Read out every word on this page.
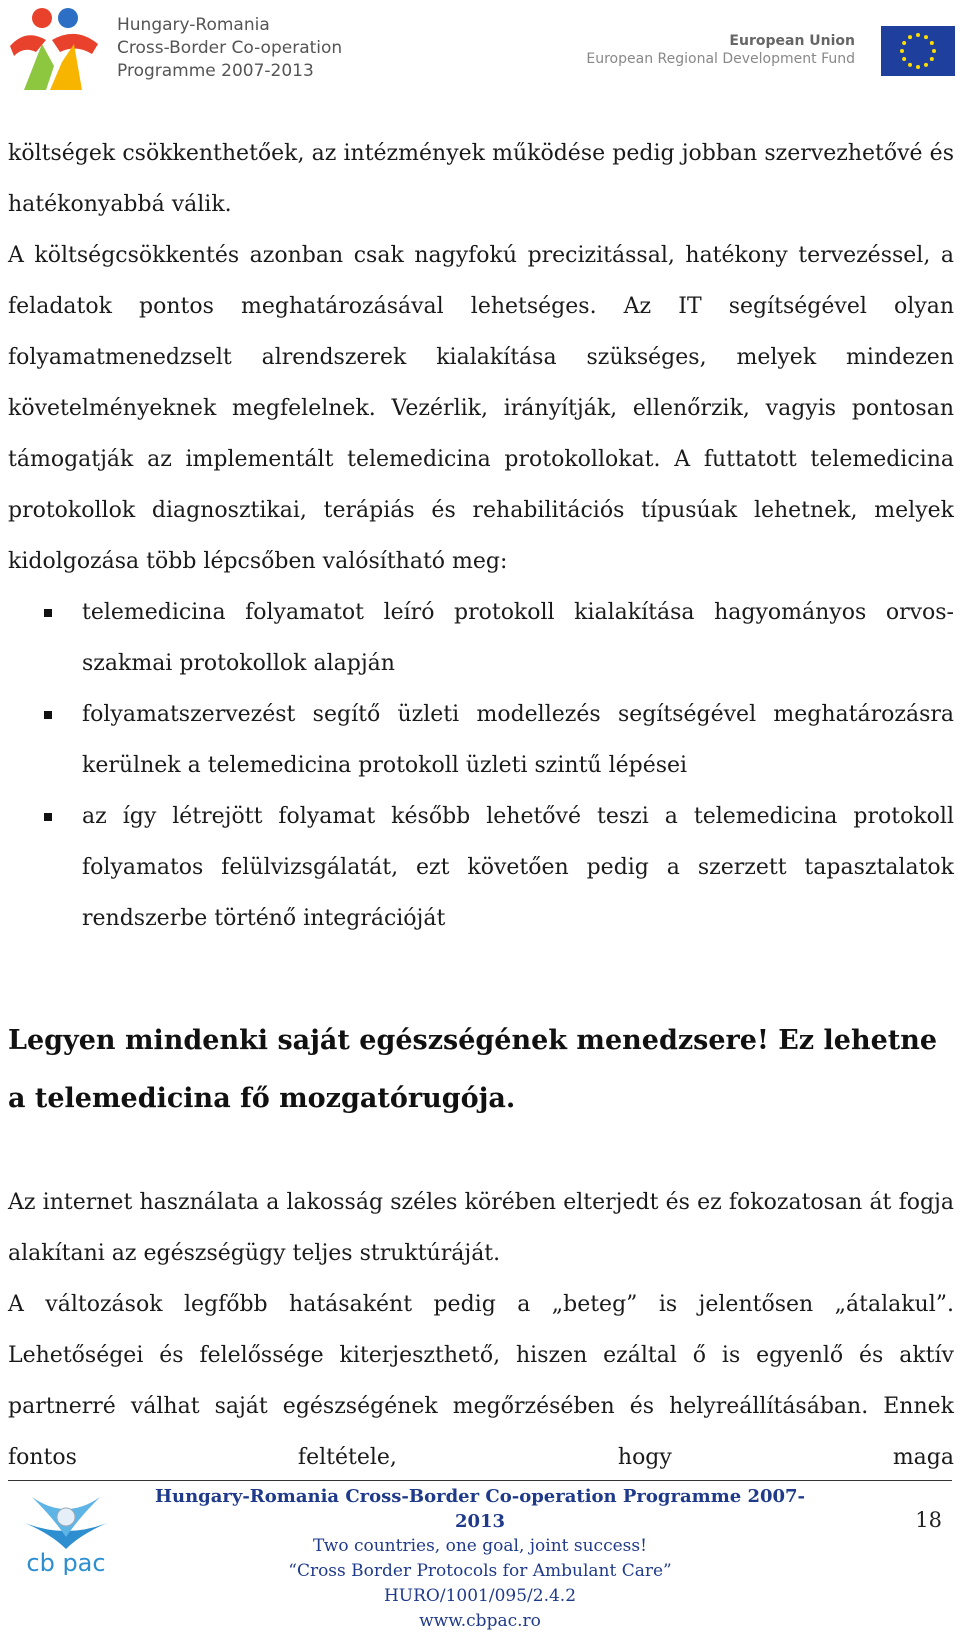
Hungary-Romania
Cross-Border Co-operation
Programme 2007-2013
European Union
European Regional Development Fund

költségek csökkenthetőek, az intézmények működése pedig jobban szervezhetővé és hatékonyabbá válik.

A költségcsökkentés azonban csak nagyfokú precizitással, hatékony tervezéssel, a feladatok pontos meghatározásával lehetséges. Az IT segítségével olyan folyamatmenedzselt alrendszerek kialakítása szükséges, melyek mindezen követelményeknek megfelelnek. Vezérlik, irányítják, ellenőrzik, vagyis pontosan támogatják az implementált telemedicina protokollokat. A futtatott telemedicina protokollok diagnosztikai, terápiás és rehabilitációs típusúak lehetnek, melyek kidolgozása több lépcsőben valósítható meg:

telemedicina folyamatot leíró protokoll kialakítása hagyományos orvos-szakmai protokollok alapján
folyamatszervezést segítő üzleti modellezés segítségével meghatározásra kerülnek a telemedicina protokoll üzleti szintű lépései
az így létrejött folyamat később lehetővé teszi a telemedicina protokoll folyamatos felülvizsgálatát, ezt követően pedig a szerzett tapasztalatok rendszerbe történő integrációját
Legyen mindenki saját egészségének menedzsere! Ez lehetne a telemedicina fő mozgatórugója.

Az internet használata a lakosság széles körében elterjedt és ez fokozatosan át fogja alakítani az egészségügy teljes struktúráját.

A változások legfőbb hatásaként pedig a „beteg” is jelentősen „átalakul”. Lehetőségei és felelőssége kiterjeszthető, hiszen ezáltal ő is egyenlő és aktív partnerré válhat saját egészségének megőrzésében és helyreállításában. Ennek fontos feltétele, hogy maga

cb pac
Hungary-Romania Cross-Border Co-operation Programme 2007-2013
Two countries, one goal, joint success!
“Cross Border Protocols for Ambulant Care”
HURO/1001/095/2.4.2
www.cbpac.ro
18
